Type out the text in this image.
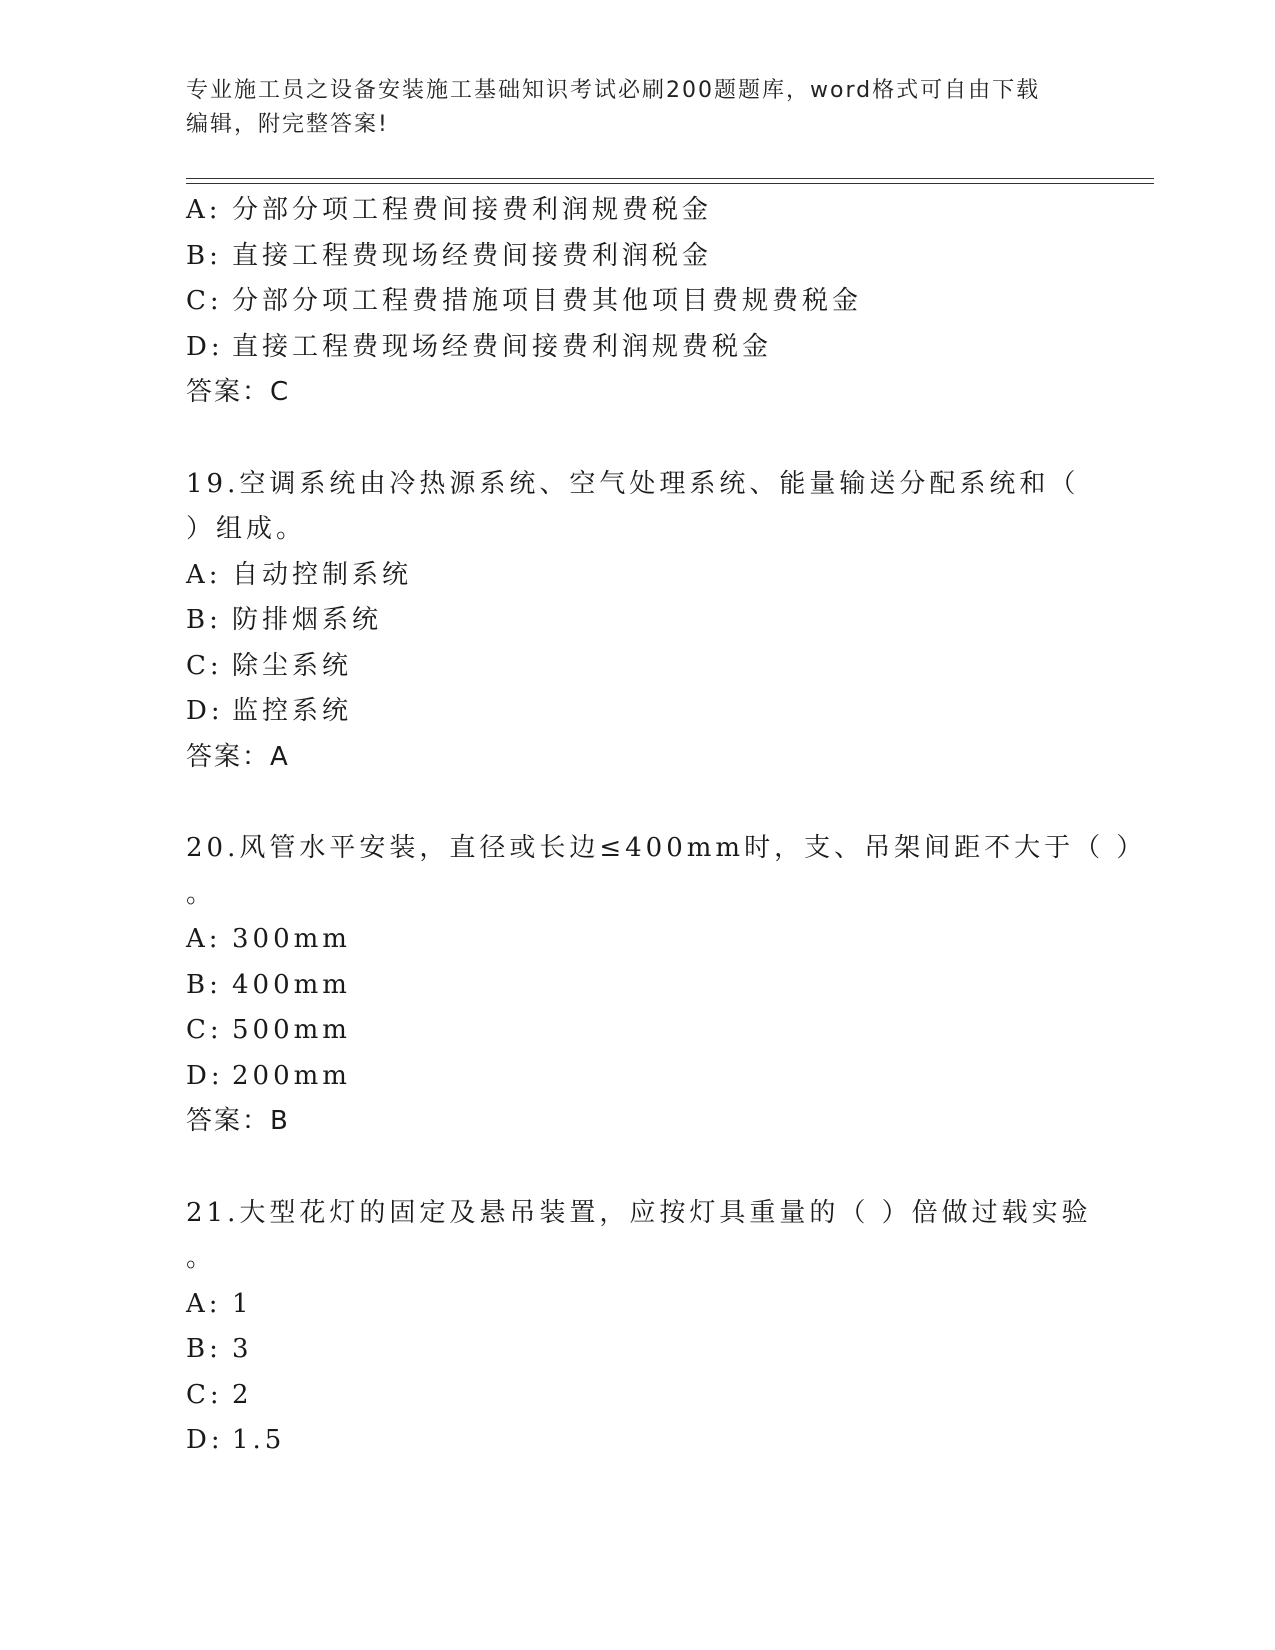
专业施工员之设备安装施工基础知识考试必刷200题题库，word格式可自由下载
编辑，附完整答案!
A: 分部分项工程费间接费利润规费税金
B: 直接工程费现场经费间接费利润税金
C: 分部分项工程费措施项目费其他项目费规费税金
D: 直接工程费现场经费间接费利润规费税金
答案：C
19.空调系统由冷热源系统、空气处理系统、能量输送分配系统和（
）组成。
A: 自动控制系统
B: 防排烟系统
C: 除尘系统
D: 监控系统
答案：A
20.风管水平安装，直径或长边≤400mm时，支、吊架间距不大于（ ）
。
A: 300mm
B: 400mm
C: 500mm
D: 200mm
答案：B
21.大型花灯的固定及悬吊装置，应按灯具重量的（ ）倍做过载实验
。
A: 1
B: 3
C: 2
D: 1.5
